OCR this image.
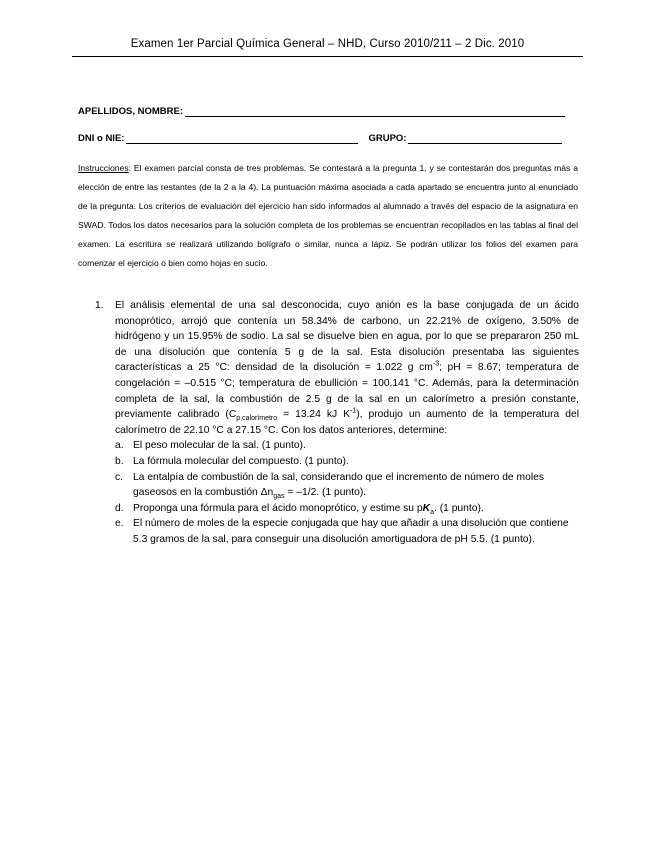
Examen 1er Parcial Química General – NHD, Curso 2010/211 – 2 Dic. 2010
APELLIDOS, NOMBRE:
DNI o NIE:	GRUPO:
Instrucciones: El examen parcial consta de tres problemas. Se contestará a la pregunta 1, y se contestarán dos preguntas más a elección de entre las restantes (de la 2 a la 4). La puntuación máxima asociada a cada apartado se encuentra junto al enunciado de la pregunta. Los criterios de evaluación del ejercicio han sido informados al alumnado a través del espacio de la asignatura en SWAD. Todos los datos necesarios para la solución completa de los problemas se encuentran recopilados en las tablas al final del examen. La escritura se realizará utilizando bolígrafo o similar, nunca a lápiz. Se podrán utilizar los folios del examen para comenzar el ejercicio o bien como hojas en sucio.
1. El análisis elemental de una sal desconocida, cuyo anión es la base conjugada de un ácido monoprótico, arrojó que contenía un 58.34% de carbono, un 22.21% de oxígeno, 3.50% de hidrógeno y un 15.95% de sodio. La sal se disuelve bien en agua, por lo que se prepararon 250 mL de una disolución que contenía 5 g de la sal. Esta disolución presentaba las siguientes características a 25 °C: densidad de la disolución = 1.022 g $cm^{-3}$; pH = 8.67; temperatura de congelación = –0.515 °C; temperatura de ebullición = 100.141 °C. Además, para la determinación completa de la sal, la combustión de 2.5 g de la sal en un calorímetro a presión constante, previamente calibrado ($C_{p,calorímetro} = 13.24$ kJ $K^{-1}$), produjo un aumento de la temperatura del calorímetro de 22.10 °C a 27.15 °C. Con los datos anteriores, determine:
a. El peso molecular de la sal. (1 punto).
b. La fórmula molecular del compuesto. (1 punto).
c. La entalpía de combustión de la sal, considerando que el incremento de número de moles gaseosos en la combustión $\Delta n_{gas} = -1/2$. (1 punto).
d. Proponga una fórmula para el ácido monoprótico, y estime su $pK_a$. (1 punto).
e. El número de moles de la especie conjugada que hay que añadir a una disolución que contiene 5.3 gramos de la sal, para conseguir una disolución amortiguadora de pH 5.5. (1 punto).
